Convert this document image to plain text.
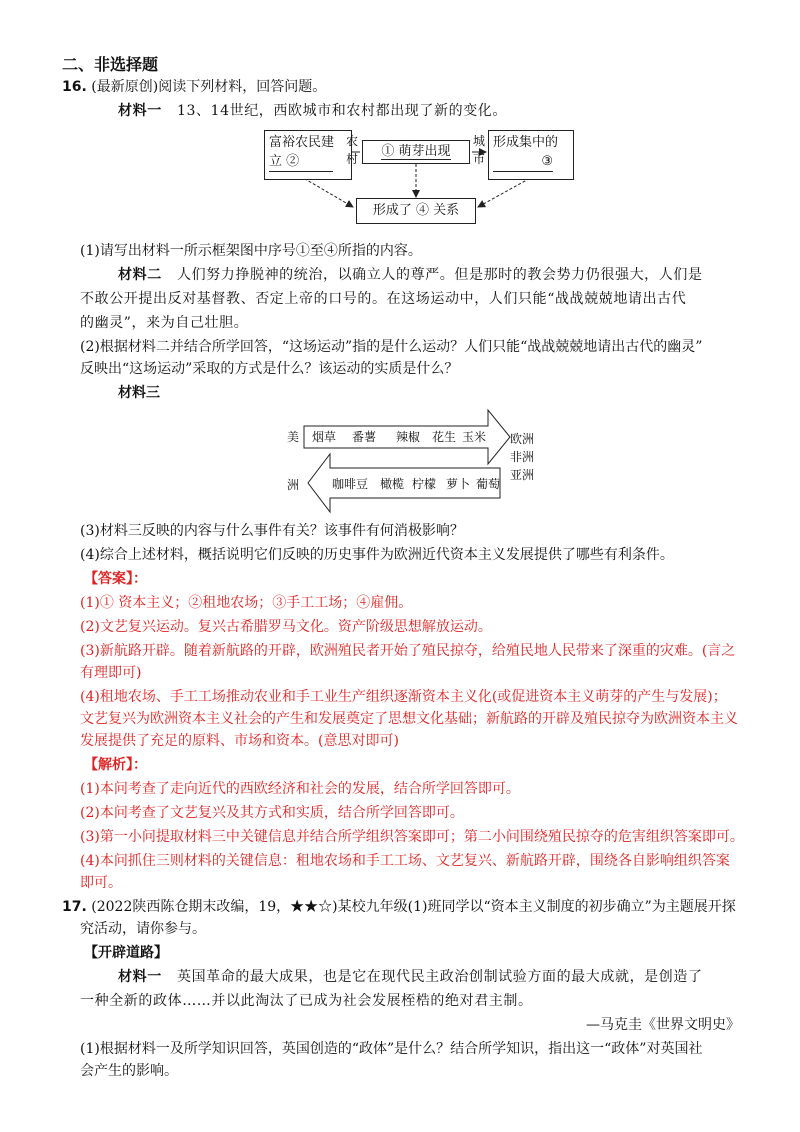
二、非选择题
16. (最新原创)阅读下列材料，回答问题。
材料一 13、14世纪，西欧城市和农村都出现了新的变化。
富裕农民建
立 ②
农
村	① 萌芽出现
城
市
形成集中的
③
形成了 ④ 关系
(1)请写出材料一所示框架图中序号①至④所指的内容。
材料二 人们努力挣脱神的统治，以确立人的尊严。但是那时的教会势力仍很强大，人们是
不敢公开提出反对基督教、否定上帝的口号的。在这场运动中，人们只能“战战兢兢地请出古代
的幽灵”，来为自己壮胆。
(2)根据材料二并结合所学回答，“这场运动”指的是什么运动？人们只能“战战兢兢地请出古代的幽灵”
反映出“这场运动”采取的方式是什么？该运动的实质是什么？
材料三
美
洲
欧洲
非洲
亚洲
烟草 番薯 辣椒 花生 玉米
咖啡豆 橄榄 柠檬 萝卜 葡萄
(3)材料三反映的内容与什么事件有关？该事件有何消极影响？
(4)综合上述材料，概括说明它们反映的历史事件为欧洲近代资本主义发展提供了哪些有利条件。
【答案】：
(1)① 资本主义；②租地农场；③手工工场；④雇佣。
(2)文艺复兴运动。复兴古希腊罗马文化。资产阶级思想解放运动。
(3)新航路开辟。随着新航路的开辟，欧洲殖民者开始了殖民掠夺，给殖民地人民带来了深重的灾难。(言之
有理即可)
(4)租地农场、手工工场推动农业和手工业生产组织逐渐资本主义化(或促进资本主义萌芽的产生与发展)；
文艺复兴为欧洲资本主义社会的产生和发展奠定了思想文化基础；新航路的开辟及殖民掠夺为欧洲资本主义
发展提供了充足的原料、市场和资本。(意思对即可)
【解析】：
(1)本问考查了走向近代的西欧经济和社会的发展，结合所学回答即可。
(2)本问考查了文艺复兴及其方式和实质，结合所学回答即可。
(3)第一小问提取材料三中关键信息并结合所学组织答案即可；第二小问围绕殖民掠夺的危害组织答案即可。
(4)本问抓住三则材料的关键信息：租地农场和手工工场、文艺复兴、新航路开辟，围绕各自影响组织答案
即可。
17. (2022陕西陈仓期末改编，19，★★☆)某校九年级(1)班同学以“资本主义制度的初步确立”为主题展开探
究活动，请你参与。
【开辟道路】
材料一 英国革命的最大成果，也是它在现代民主政治创制试验方面的最大成就，是创造了
一种全新的政体……并以此淘汰了已成为社会发展桎梏的绝对君主制。
—马克圭《世界文明史》
(1)根据材料一及所学知识回答，英国创造的“政体”是什么？结合所学知识，指出这一“政体”对英国社
会产生的影响。
